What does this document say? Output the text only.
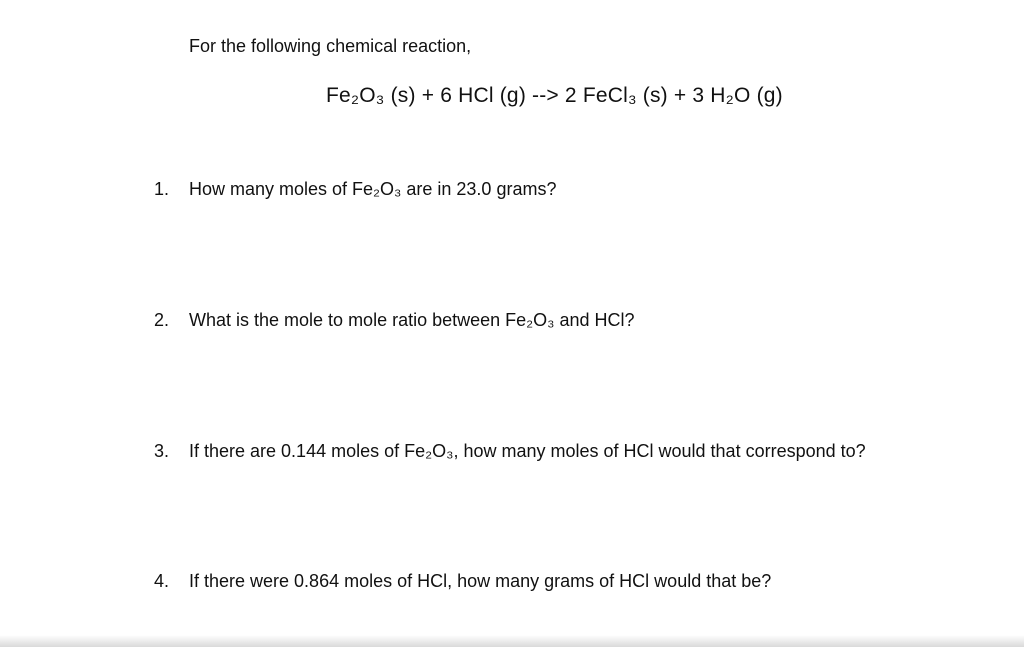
For the following chemical reaction,
Fe₂O₃ (s) + 6 HCl (g) --> 2 FeCl₃ (s) + 3 H₂O (g)
1. How many moles of Fe₂O₃ are in 23.0 grams?
2. What is the mole to mole ratio between Fe₂O₃ and HCl?
3. If there are 0.144 moles of Fe₂O₃, how many moles of HCl would that correspond to?
4. If there were 0.864 moles of HCl, how many grams of HCl would that be?
